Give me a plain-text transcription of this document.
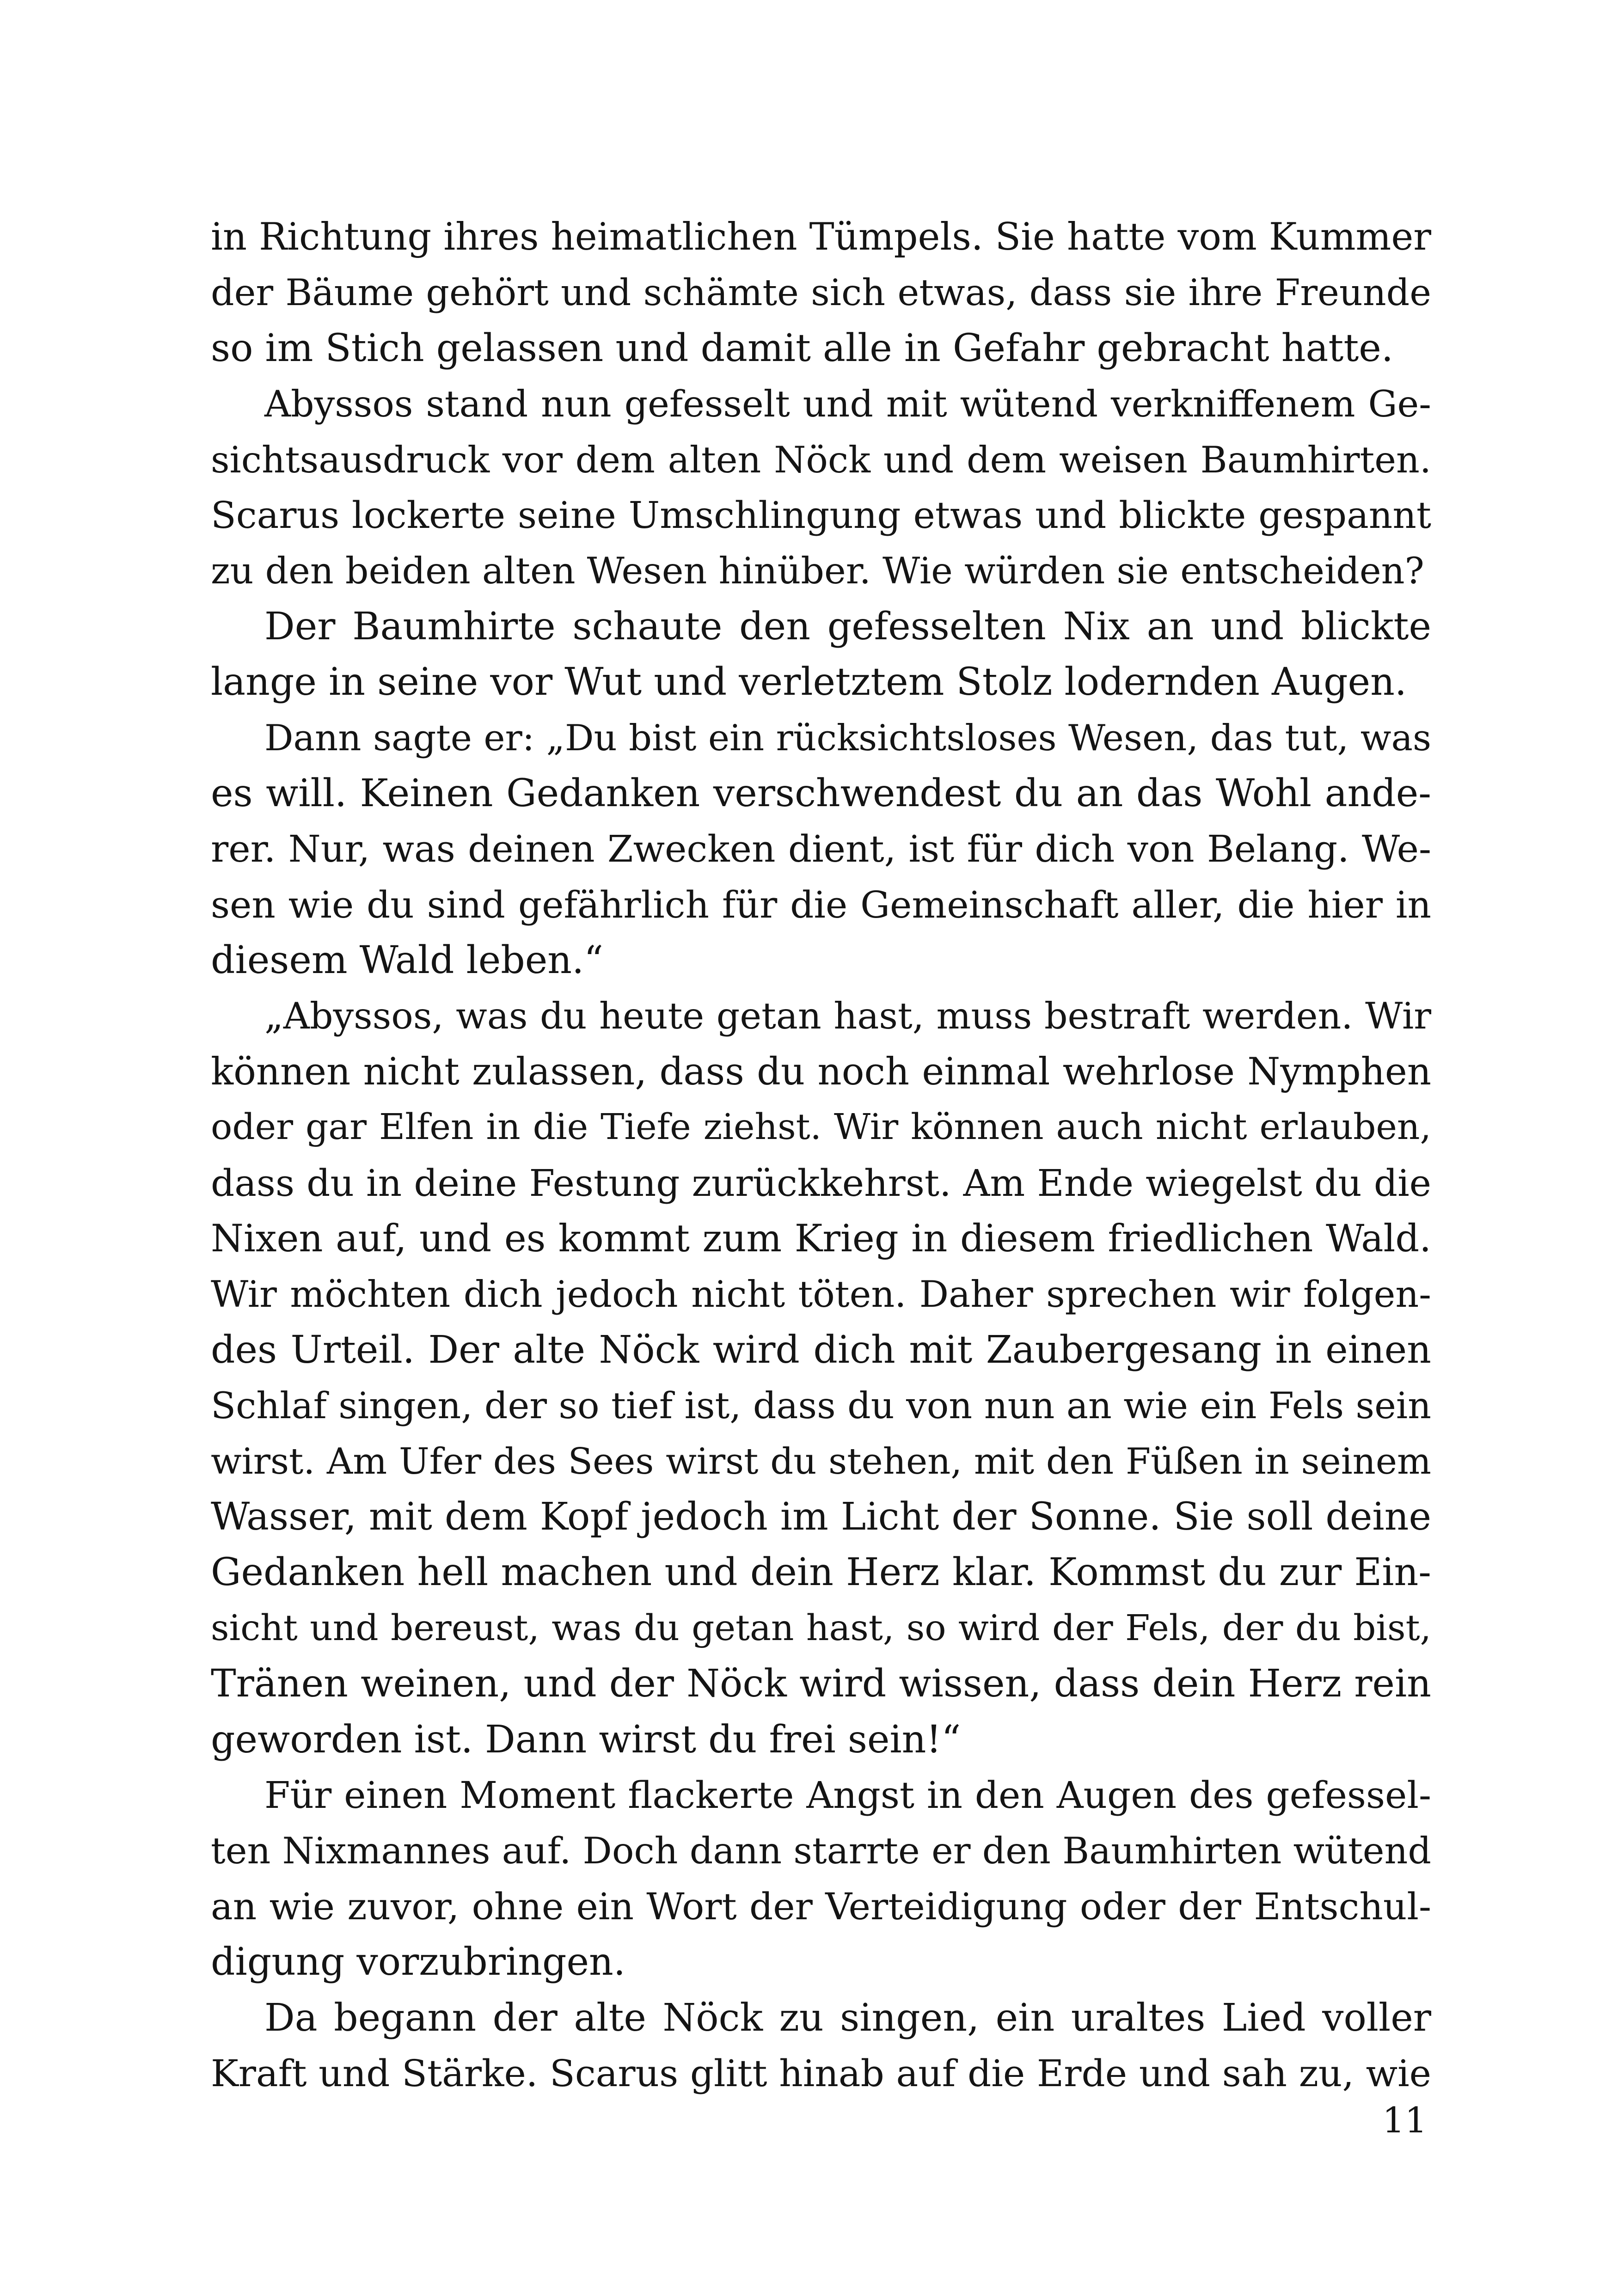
in Richtung ihres heimatlichen Tümpels. Sie hatte vom Kummer
der Bäume gehört und schämte sich etwas, dass sie ihre Freunde
so im Stich gelassen und damit alle in Gefahr gebracht hatte.
Abyssos stand nun gefesselt und mit wütend verkniffenem Ge-
sichtsausdruck vor dem alten Nöck und dem weisen Baumhirten.
Scarus lockerte seine Umschlingung etwas und blickte gespannt
zu den beiden alten Wesen hinüber. Wie würden sie entscheiden?
Der Baumhirte schaute den gefesselten Nix an und blickte
lange in seine vor Wut und verletztem Stolz lodernden Augen.
Dann sagte er: „Du bist ein rücksichtsloses Wesen, das tut, was
es will. Keinen Gedanken verschwendest du an das Wohl ande-
rer. Nur, was deinen Zwecken dient, ist für dich von Belang. We-
sen wie du sind gefährlich für die Gemeinschaft aller, die hier in
diesem Wald leben.“
„Abyssos, was du heute getan hast, muss bestraft werden. Wir
können nicht zulassen, dass du noch einmal wehrlose Nymphen
oder gar Elfen in die Tiefe ziehst. Wir können auch nicht erlauben,
dass du in deine Festung zurückkehrst. Am Ende wiegelst du die
Nixen auf, und es kommt zum Krieg in diesem friedlichen Wald.
Wir möchten dich jedoch nicht töten. Daher sprechen wir folgen-
des Urteil. Der alte Nöck wird dich mit Zaubergesang in einen
Schlaf singen, der so tief ist, dass du von nun an wie ein Fels sein
wirst. Am Ufer des Sees wirst du stehen, mit den Füßen in seinem
Wasser, mit dem Kopf jedoch im Licht der Sonne. Sie soll deine
Gedanken hell machen und dein Herz klar. Kommst du zur Ein-
sicht und bereust, was du getan hast, so wird der Fels, der du bist,
Tränen weinen, und der Nöck wird wissen, dass dein Herz rein
geworden ist. Dann wirst du frei sein!“
Für einen Moment flackerte Angst in den Augen des gefessel-
ten Nixmannes auf. Doch dann starrte er den Baumhirten wütend
an wie zuvor, ohne ein Wort der Verteidigung oder der Entschul-
digung vorzubringen.
Da begann der alte Nöck zu singen, ein uraltes Lied voller
Kraft und Stärke. Scarus glitt hinab auf die Erde und sah zu, wie
11
